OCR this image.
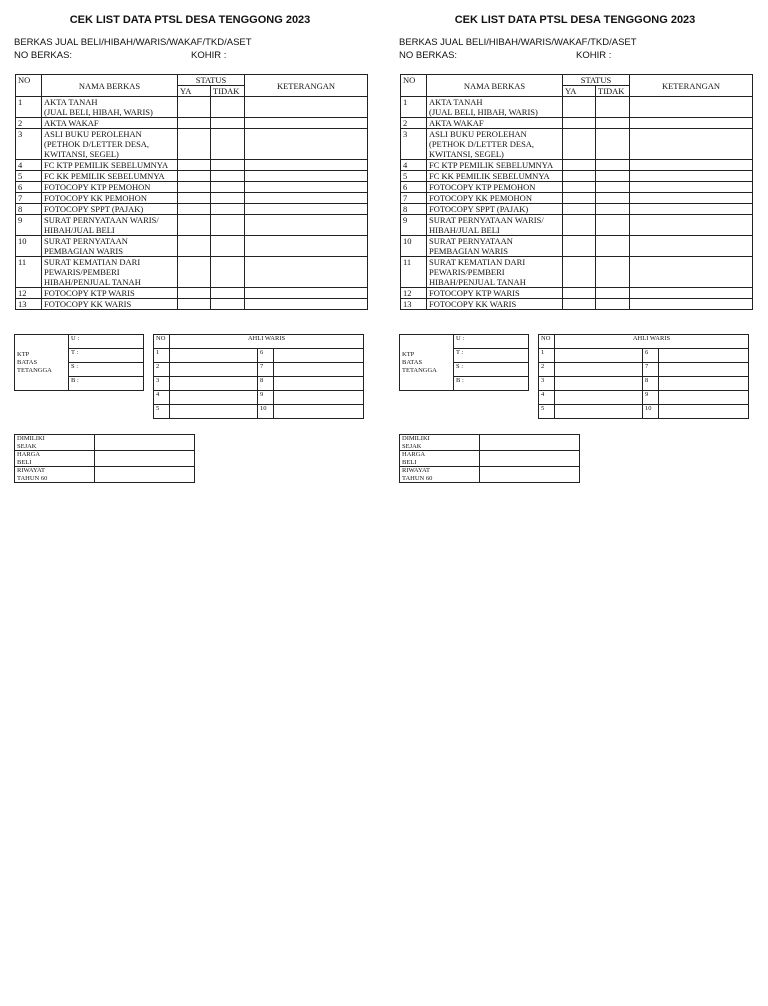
CEK LIST DATA PTSL DESA TENGGONG 2023
BERKAS JUAL BELI/HIBAH/WARIS/WAKAF/TKD/ASET
NO BERKAS:	KOHIR :
NO	NAMA BERKAS	STATUS		KETERANGAN
		YA	TIDAK	
1	AKTA TANAH
(JUAL BELI, HIBAH, WARIS)			

2	AKTA WAKAF			

3	ASLI BUKU PEROLEHAN
(PETHOK D/LETTER DESA,
KWITANSI, SEGEL)			

4	FC KTP PEMILIK SEBELUMNYA			

5	FC KK PEMILIK SEBELUMNYA			

6	FOTOCOPY KTP PEMOHON			

7	FOTOCOPY KK PEMOHON			

8	FOTOCOPY SPPT (PAJAK)			

9	SURAT PERNYATAAN WARIS/
HIBAH/JUAL BELI			

10	SURAT PERNYATAAN
PEMBAGIAN WARIS			

11	SURAT KEMATIAN DARI
PEWARIS/PEMBERI
HIBAH/PENJUAL TANAH			

12	FOTOCOPY KTP WARIS			

13	FOTOCOPY KK WARIS			

KTP
BATAS
TETANGGA
	U :
T :
S :
B :
NO	AHLI WARIS		
1		6	
2		7	
3		8	
4		9	
5		10	
DIMILIKI
SEJAK	

HARGA
BELI	

RIWAYAT
TAHUN 60	

CEK LIST DATA PTSL DESA TENGGONG 2023
BERKAS JUAL BELI/HIBAH/WARIS/WAKAF/TKD/ASET
NO BERKAS:	KOHIR :
NO	NAMA BERKAS	STATUS		KETERANGAN
		YA	TIDAK	
1	AKTA TANAH
(JUAL BELI, HIBAH, WARIS)			

2	AKTA WAKAF			

3	ASLI BUKU PEROLEHAN
(PETHOK D/LETTER DESA,
KWITANSI, SEGEL)			

4	FC KTP PEMILIK SEBELUMNYA			

5	FC KK PEMILIK SEBELUMNYA			

6	FOTOCOPY KTP PEMOHON			

7	FOTOCOPY KK PEMOHON			

8	FOTOCOPY SPPT (PAJAK)			

9	SURAT PERNYATAAN WARIS/
HIBAH/JUAL BELI			

10	SURAT PERNYATAAN
PEMBAGIAN WARIS			

11	SURAT KEMATIAN DARI
PEWARIS/PEMBERI
HIBAH/PENJUAL TANAH			

12	FOTOCOPY KTP WARIS			

13	FOTOCOPY KK WARIS			

KTP
BATAS
TETANGGA
	U :
T :
S :
B :
NO	AHLI WARIS		
1		6	
2		7	
3		8	
4		9	
5		10	
DIMILIKI
SEJAK	

HARGA
BELI	

RIWAYAT
TAHUN 60	
